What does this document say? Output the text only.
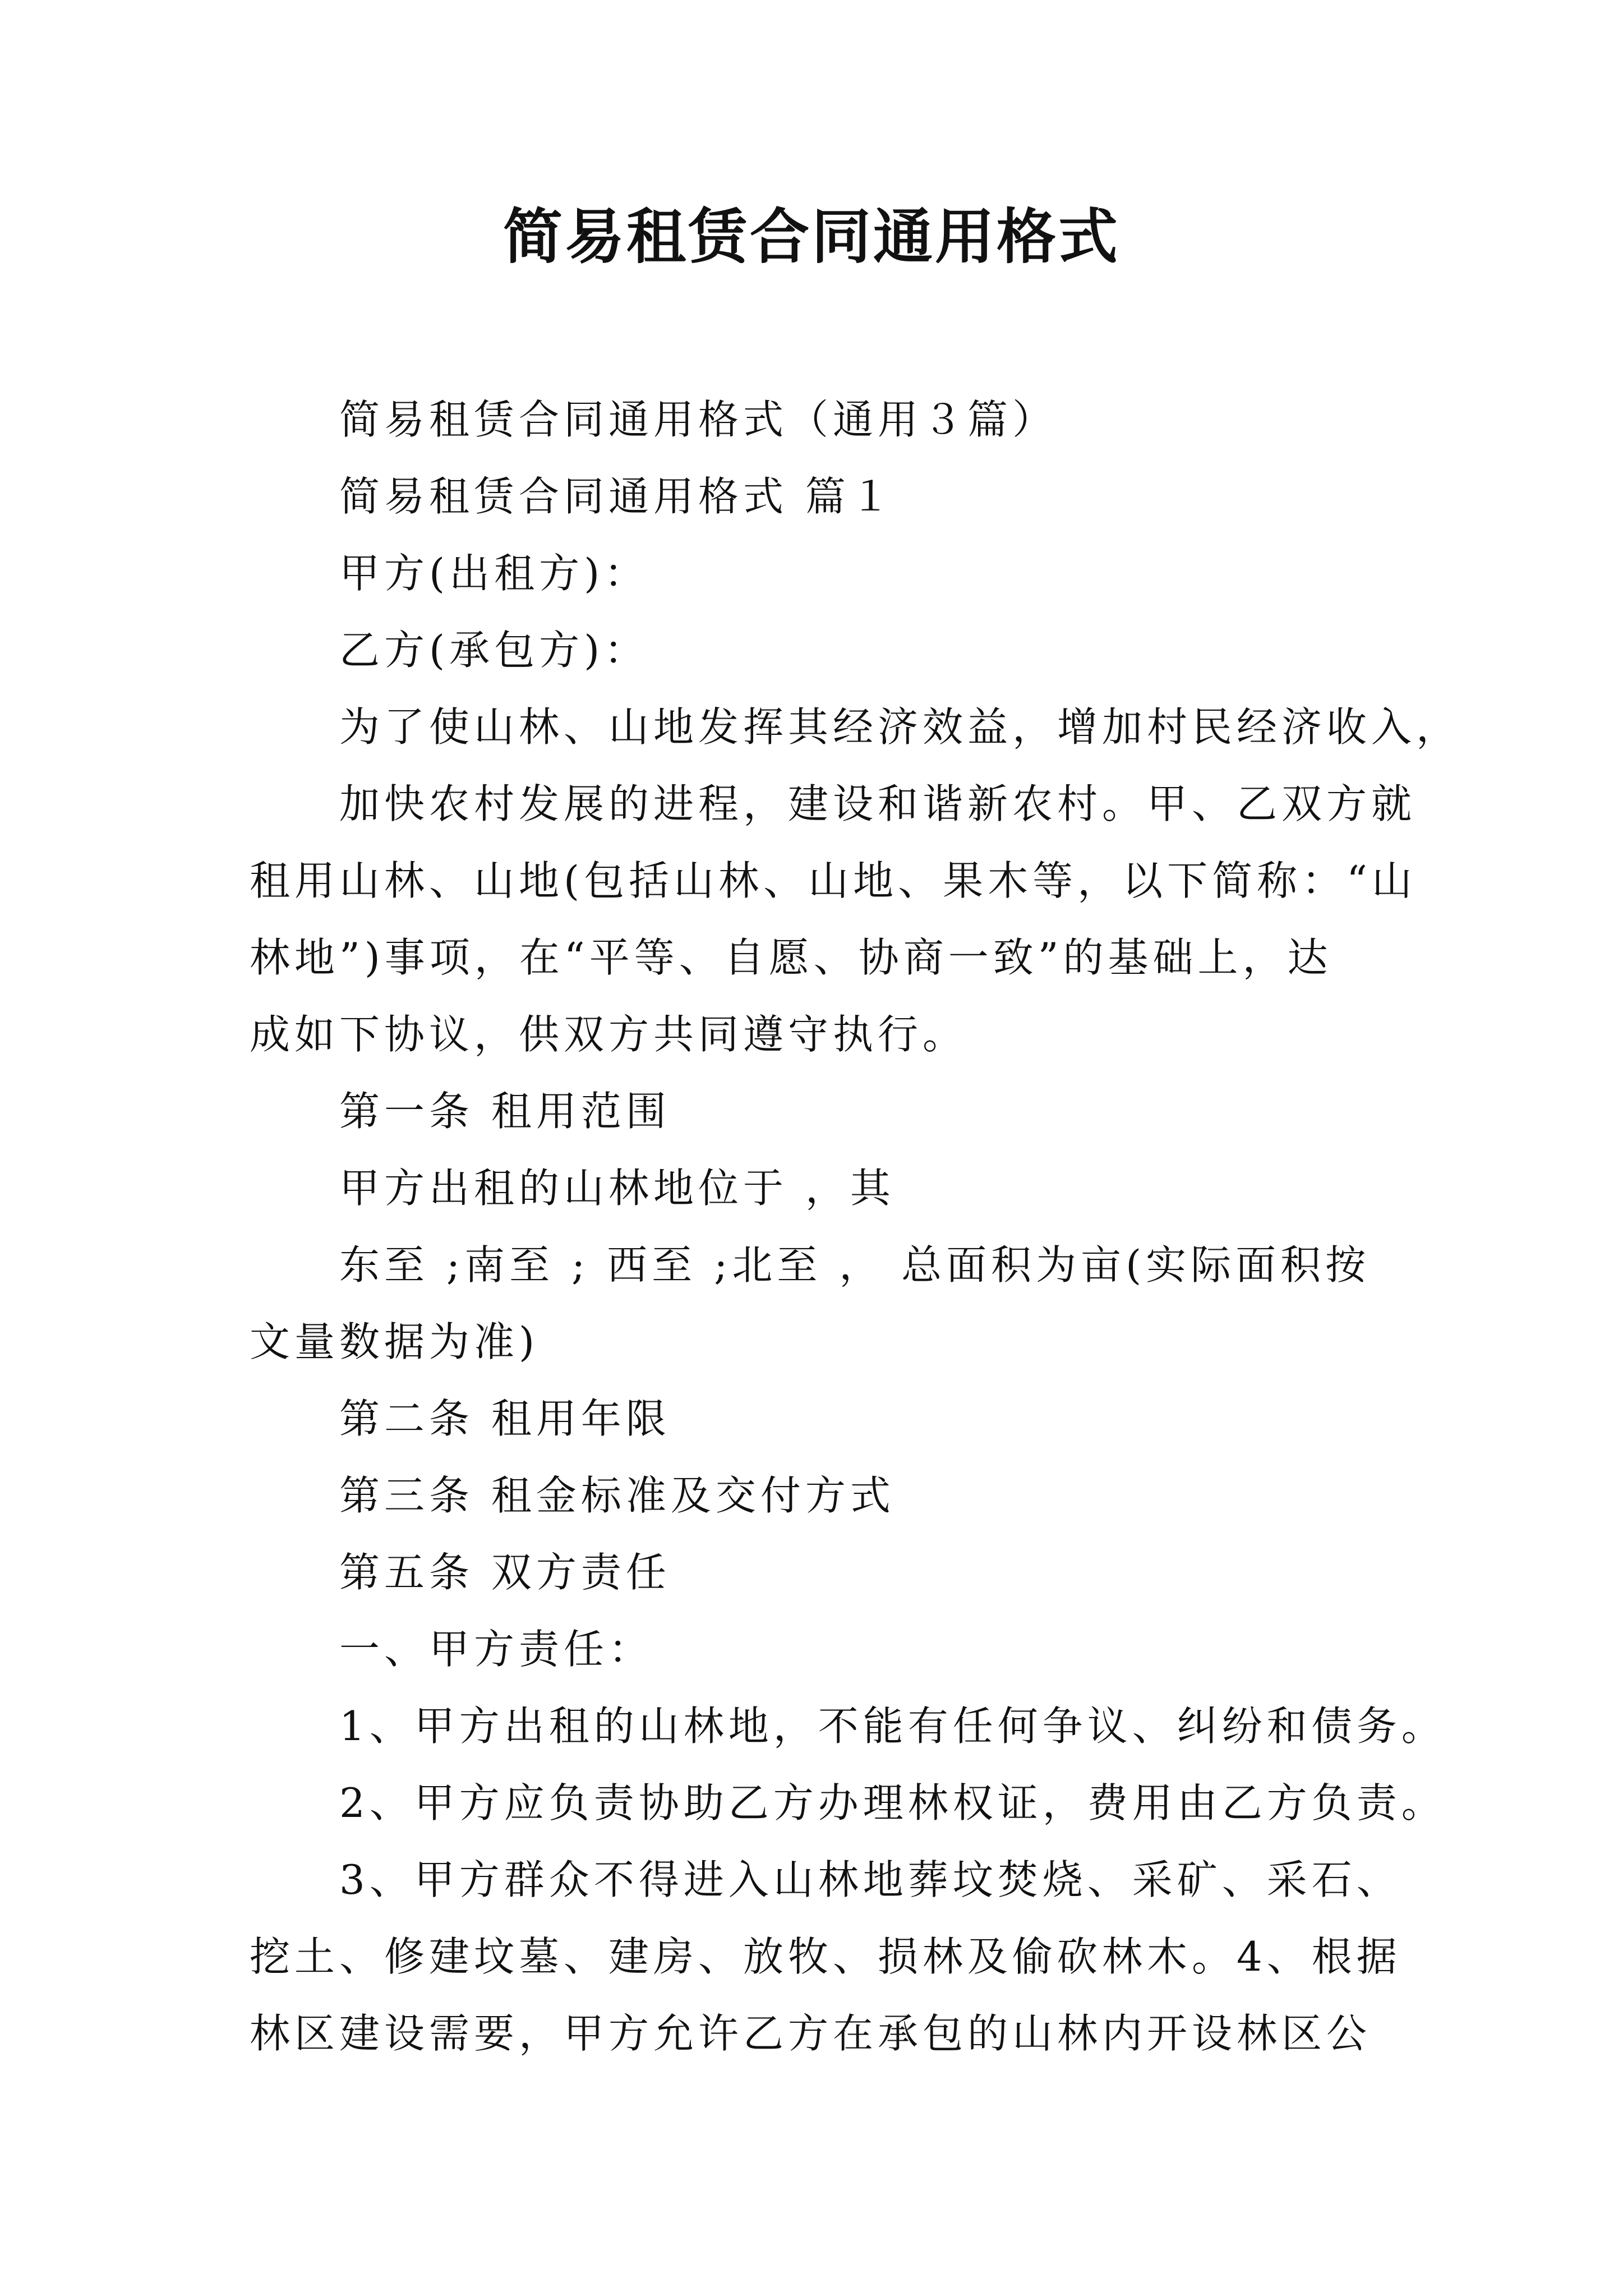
简易租赁合同通用格式
简易租赁合同通用格式（通用３篇）
简易租赁合同通用格式 篇１
甲方(出租方)：
乙方(承包方)：
为了使山林、山地发挥其经济效益，增加村民经济收入，
加快农村发展的进程，建设和谐新农村。甲、乙双方就
租用山林、山地(包括山林、山地、果木等，以下简称：“山
林地”)事项，在“平等、自愿、协商一致”的基础上，达
成如下协议，供双方共同遵守执行。
第一条 租用范围
甲方出租的山林地位于 ，其
东至 ;南至 ; 西至 ;北至 ， 总面积为亩(实际面积按
文量数据为准)
第二条 租用年限
第三条 租金标准及交付方式
第五条 双方责任
一、甲方责任：
1、甲方出租的山林地，不能有任何争议、纠纷和债务。
2、甲方应负责协助乙方办理林权证，费用由乙方负责。
3、甲方群众不得进入山林地葬坟焚烧、采矿、采石、
挖土、修建坟墓、建房、放牧、损林及偷砍林木。4、根据
林区建设需要，甲方允许乙方在承包的山林内开设林区公
